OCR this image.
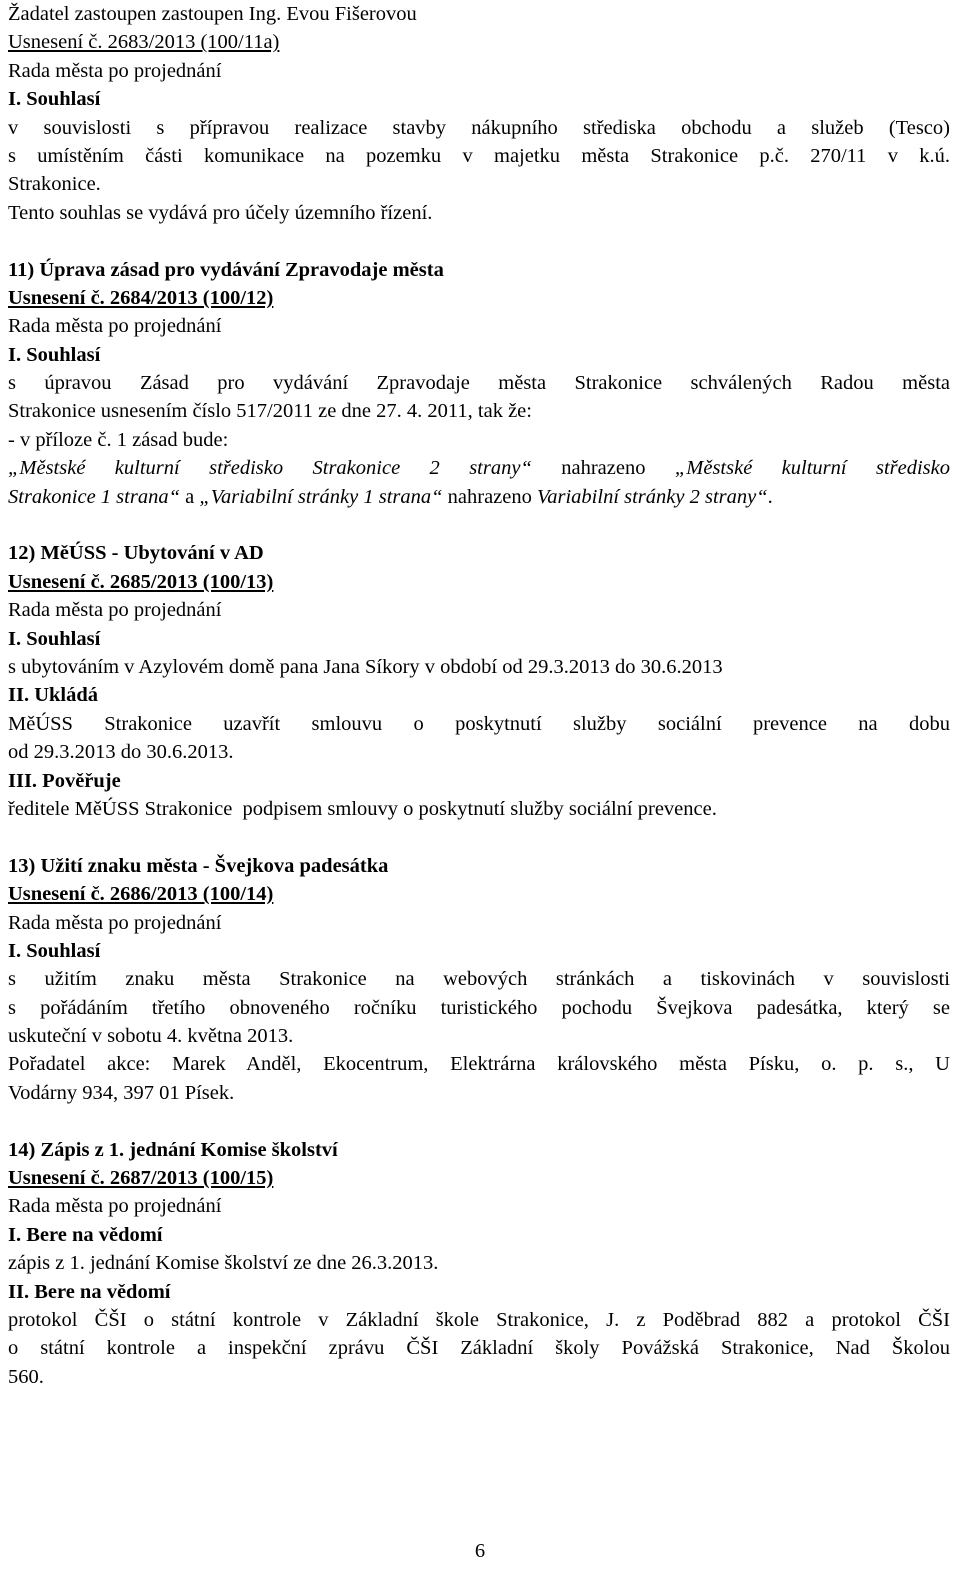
Žadatel zastoupen zastoupen Ing. Evou Fišerovou
Usnesení č. 2683/2013 (100/11a)
Rada města po projednání
I. Souhlasí
v souvislosti s přípravou realizace stavby nákupního střediska obchodu a služeb (Tesco)
s umístěním části komunikace na pozemku v majetku města Strakonice p.č. 270/11 v k.ú.
Strakonice.
Tento souhlas se vydává pro účely územního řízení.
11) Úprava zásad pro vydávání Zpravodaje města
Usnesení č. 2684/2013 (100/12)
Rada města po projednání
I. Souhlasí
s úpravou Zásad pro vydávání Zpravodaje města Strakonice schválených Radou města
Strakonice usnesením číslo 517/2011 ze dne 27. 4. 2011, tak že:
- v příloze č. 1 zásad bude:
„Městské kulturní středisko Strakonice 2 strany“ nahrazeno „Městské kulturní středisko
Strakonice 1 strana“ a „Variabilní stránky 1 strana“ nahrazeno Variabilní stránky 2 strany“.
12) MěÚSS - Ubytování v AD
Usnesení č. 2685/2013 (100/13)
Rada města po projednání
I. Souhlasí
s ubytováním v Azylovém domě pana Jana Síkory v období od 29.3.2013 do 30.6.2013
II. Ukládá
MěÚSS Strakonice uzavřít smlouvu o poskytnutí služby sociální prevence na dobu
od 29.3.2013 do 30.6.2013.
III. Pověřuje
ředitele MěÚSS Strakonice  podpisem smlouvy o poskytnutí služby sociální prevence.
13) Užití znaku města - Švejkova padesátka
Usnesení č. 2686/2013 (100/14)
Rada města po projednání
I. Souhlasí
s užitím znaku města Strakonice na webových stránkách a tiskovinách v souvislosti
s pořádáním třetího obnoveného ročníku turistického pochodu Švejkova padesátka, který se
uskuteční v sobotu 4. května 2013.
Pořadatel akce: Marek Anděl, Ekocentrum, Elektrárna královského města Písku, o. p. s., U
Vodárny 934, 397 01 Písek.
14) Zápis z 1. jednání Komise školství
Usnesení č. 2687/2013 (100/15)
Rada města po projednání
I. Bere na vědomí
zápis z 1. jednání Komise školství ze dne 26.3.2013.
II. Bere na vědomí
protokol ČŠI o státní kontrole v Základní škole Strakonice, J. z Poděbrad 882 a protokol ČŠI
o státní kontrole a inspekční zprávu ČŠI Základní školy Povážská Strakonice, Nad Školou
560.
6
